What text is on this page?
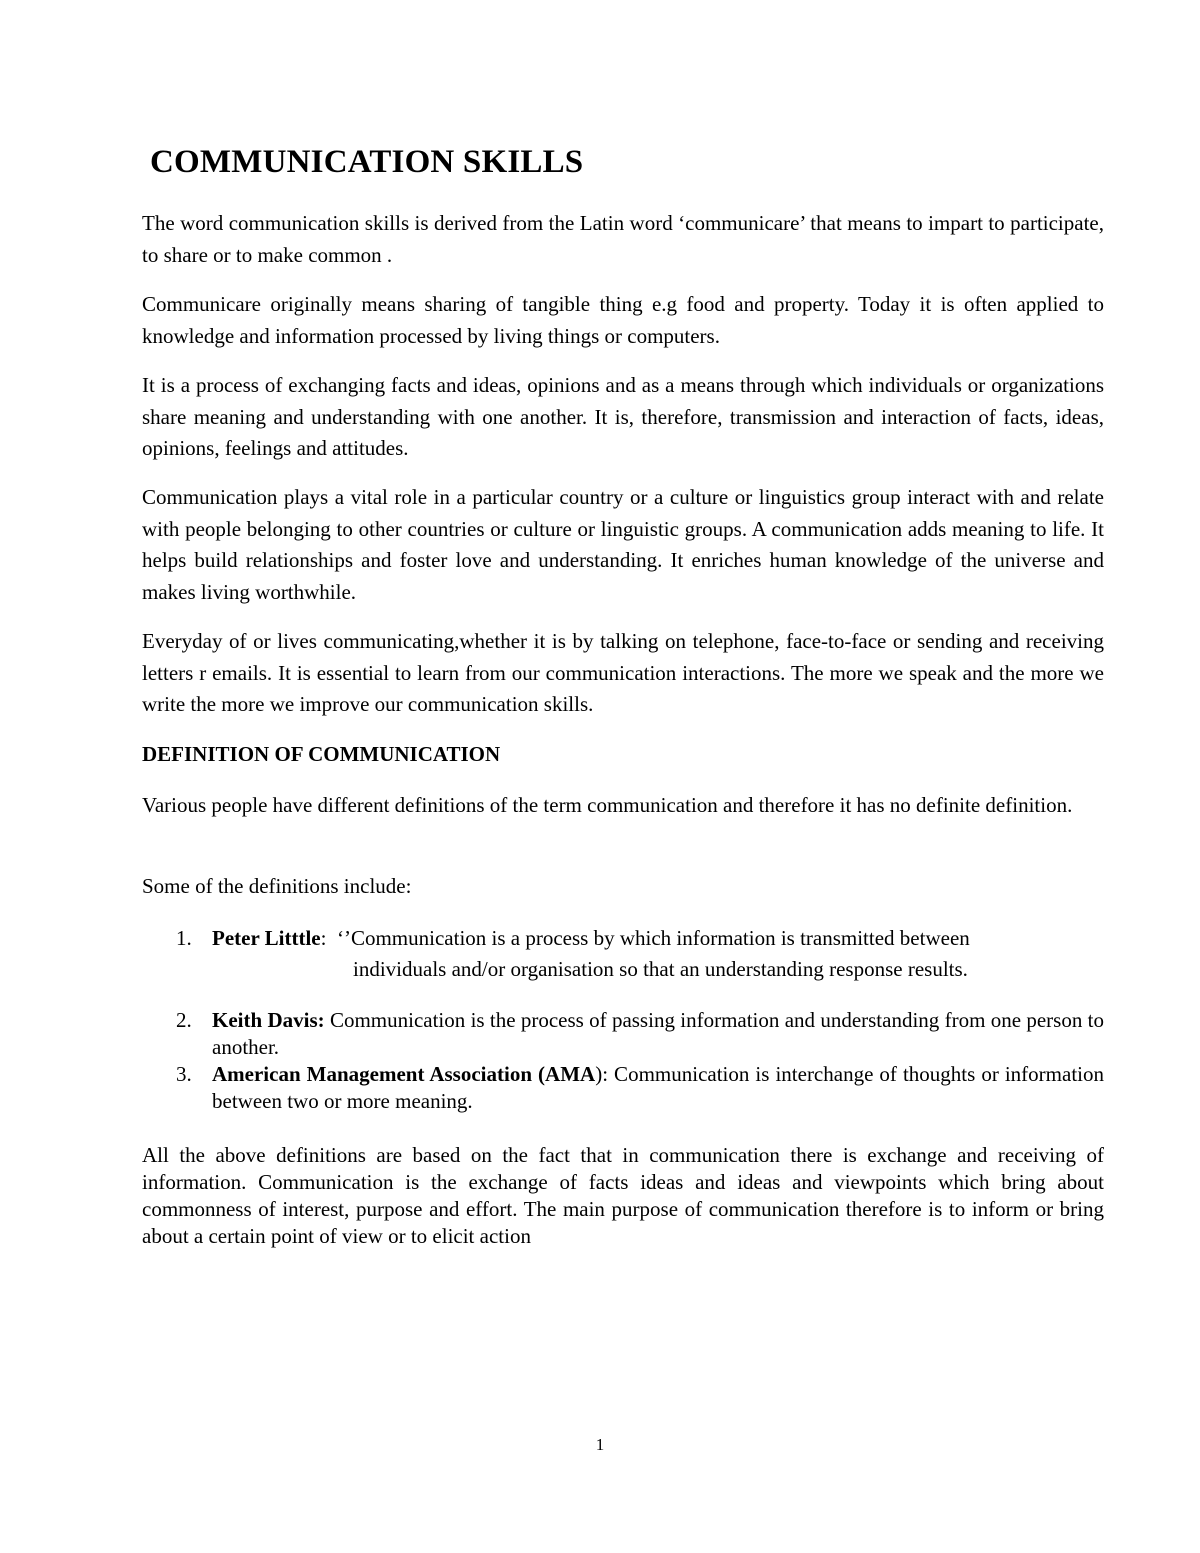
COMMUNICATION SKILLS

The word communication skills is derived from the Latin word ‘communicare’ that means to impart to participate, to share or to make common .

Communicare originally means sharing of tangible thing e.g food and property. Today it is often applied to knowledge and information processed by living things or computers.

It is a process of exchanging facts and ideas, opinions and as a means through which individuals or organizations share meaning and understanding with one another. It is, therefore, transmission and interaction of facts, ideas, opinions, feelings and attitudes.

Communication plays a vital role in a particular country or a culture or linguistics group interact with and relate with people belonging to other countries or culture or linguistic groups. A communication adds meaning to life. It helps build relationships and foster love and understanding. It enriches human knowledge of the universe and makes living worthwhile.

Everyday of or lives communicating,whether it is by talking on telephone, face-to-face or sending and receiving letters r emails. It is essential to learn from our communication interactions. The more we speak and the more we write the more we improve our communication skills.

DEFINITION OF COMMUNICATION

Various people have different definitions of the term communication and therefore it has no definite definition.

Some of the definitions include:

1. Peter Litttle: ‘’Communication is a process by which information is transmitted between
individuals and/or organisation so that an understanding response results.
2. Keith Davis: Communication is the process of passing information and understanding from one person to another.
3. American Management Association (AMA): Communication is interchange of thoughts or information between two or more meaning.

All the above definitions are based on the fact that in communication there is exchange and receiving of information. Communication is the exchange of facts ideas and ideas and viewpoints which bring about commonness of interest, purpose and effort. The main purpose of communication therefore is to inform or bring about a certain point of view or to elicit action

1
